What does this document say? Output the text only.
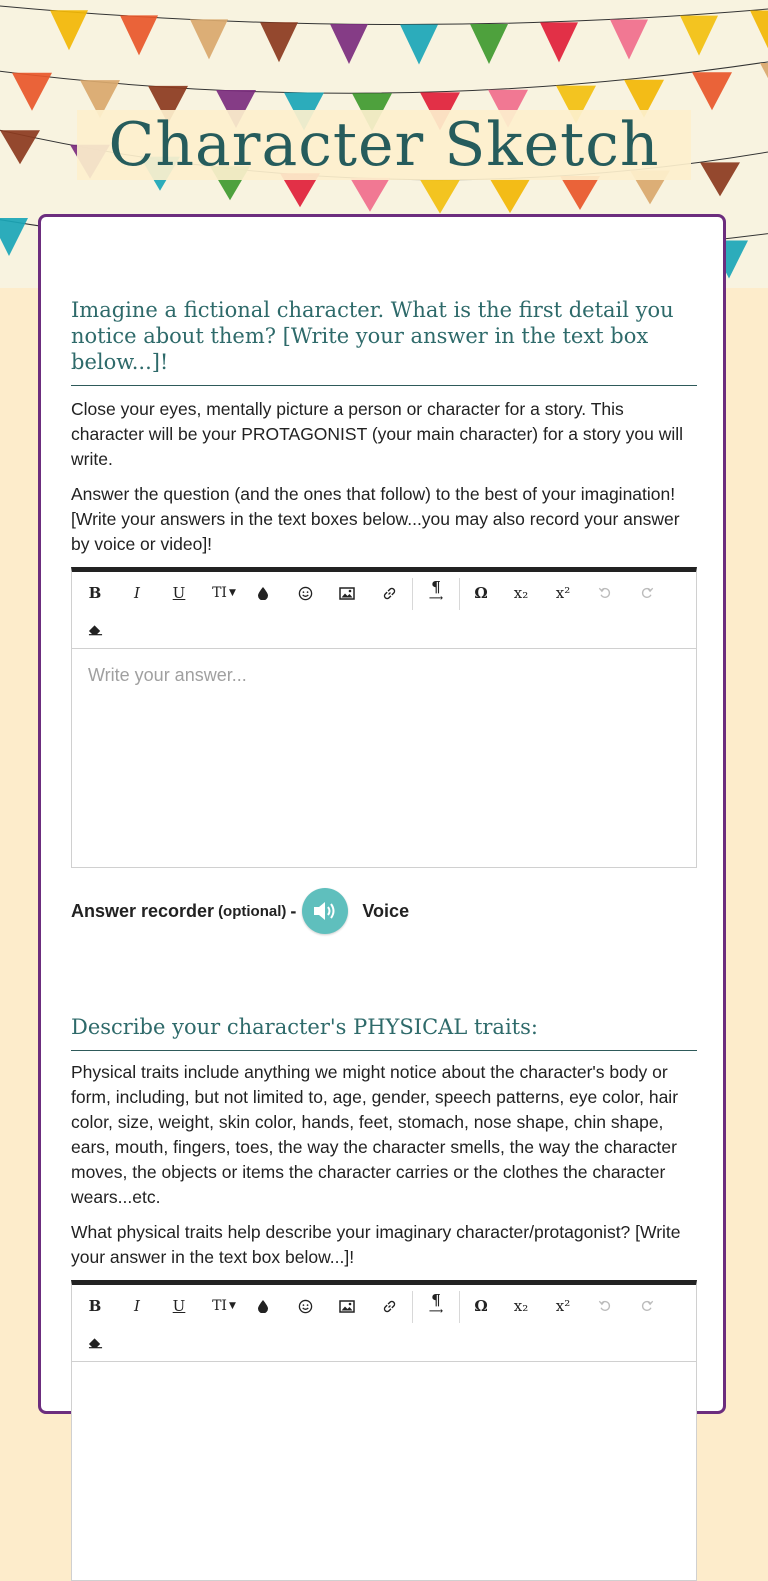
Character Sketch
Imagine a fictional character. What is the first detail you notice about them? [Write your answer in the text box below...]!

Close your eyes, mentally picture a person or character for a story. This character will be your PROTAGONIST (your main character) for a story you will write.

Answer the question (and the ones that follow) to the best of your imagination! [Write your answers in the text boxes below...you may also record your answer by voice or video]!

B	I	U	TI ▼	¶
⟶	Ω	x₂	x²
Write your answer...
Answer recorder (optional) -	Voice
Describe your character's PHYSICAL traits:

Physical traits include anything we might notice about the character's body or form, including, but not limited to, age, gender, speech patterns, eye color, hair color, size, weight, skin color, hands, feet, stomach, nose shape, chin shape, ears, mouth, fingers, toes, the way the character smells, the way the character moves, the objects or items the character carries or the clothes the character wears...etc.

What physical traits help describe your imaginary character/protagonist? [Write your answer in the text box below...]!

B	I	U	TI ▼	¶
⟶	Ω	x₂	x²
